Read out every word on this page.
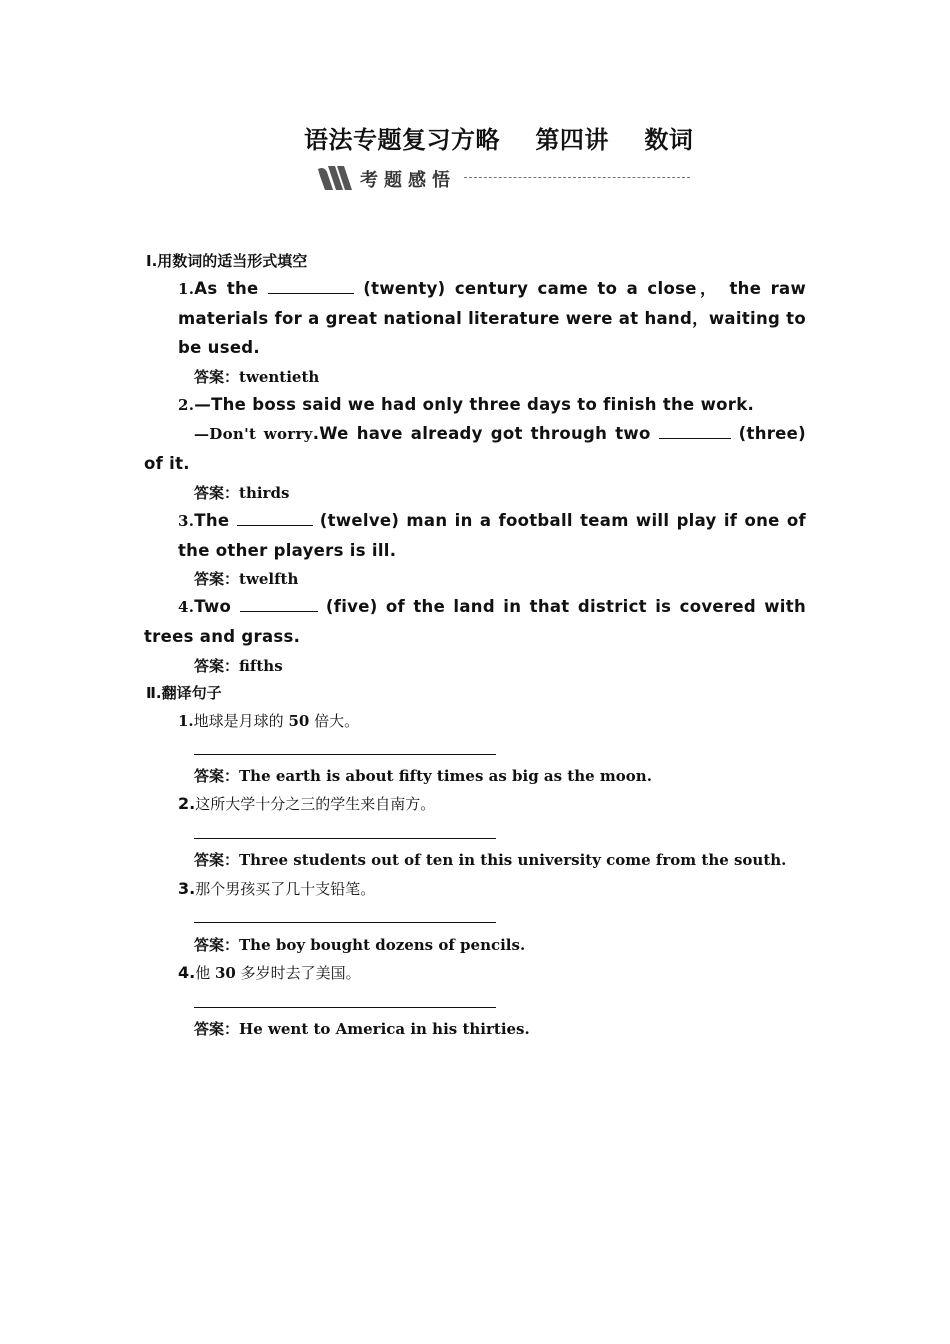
语法专题复习方略    第四讲    数词
考题感悟
Ⅰ.用数词的适当形式填空
1.As the	(twenty) century came to a close， the raw materials for a great national literature were at hand，waiting to be used.
答案：twentieth
2.—The boss said we had only three days to finish the work.
—Don't worry.We have already got through two	(three) of it.
答案：thirds
3.The	(twelve) man in a football team will play if one of the other players is ill.
答案：twelfth
4.Two	(five) of the land in that district is covered with trees and grass.
答案：fifths
Ⅱ.翻译句子
1.地球是月球的 50 倍大。
答案：The earth is about fifty times as big as the moon.
2.这所大学十分之三的学生来自南方。
答案：Three students out of ten in this university come from the south.
3.那个男孩买了几十支铅笔。
答案：The boy bought dozens of pencils.
4.他 30 多岁时去了美国。
答案：He went to America in his thirties.
